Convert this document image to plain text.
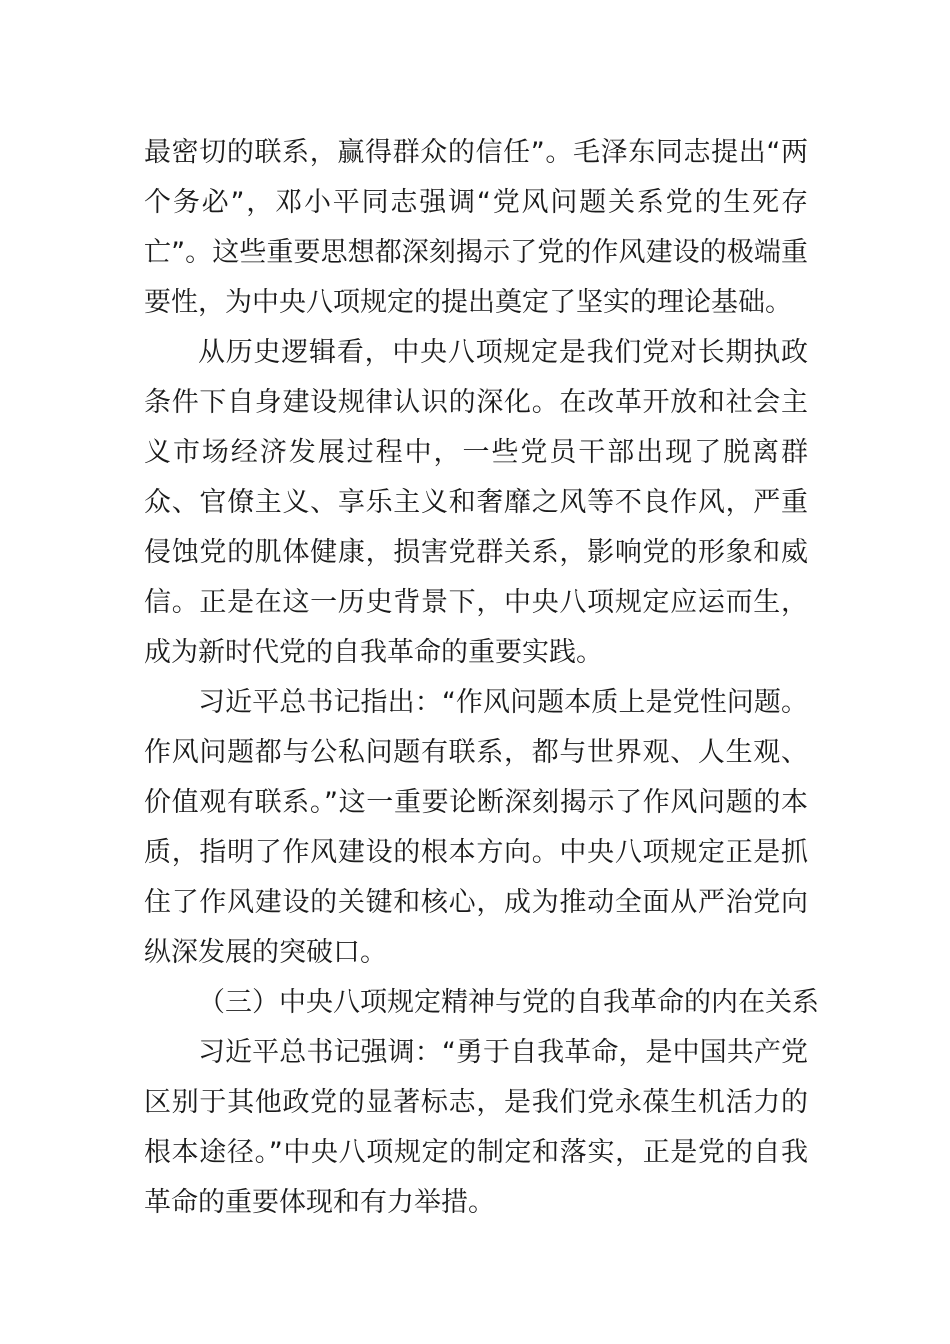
最密切的联系，赢得群众的信任”。毛泽东同志提出“两个务必”，邓小平同志强调“党风问题关系党的生死存亡”。这些重要思想都深刻揭示了党的作风建设的极端重要性，为中央八项规定的提出奠定了坚实的理论基础。

从历史逻辑看，中央八项规定是我们党对长期执政条件下自身建设规律认识的深化。在改革开放和社会主义市场经济发展过程中，一些党员干部出现了脱离群众、官僚主义、享乐主义和奢靡之风等不良作风，严重侵蚀党的肌体健康，损害党群关系，影响党的形象和威信。正是在这一历史背景下，中央八项规定应运而生，成为新时代党的自我革命的重要实践。

习近平总书记指出：“作风问题本质上是党性问题。作风问题都与公私问题有联系，都与世界观、人生观、价值观有联系。”这一重要论断深刻揭示了作风问题的本质，指明了作风建设的根本方向。中央八项规定正是抓住了作风建设的关键和核心，成为推动全面从严治党向纵深发展的突破口。

（三）中央八项规定精神与党的自我革命的内在关系

习近平总书记强调：“勇于自我革命，是中国共产党区别于其他政党的显著标志，是我们党永葆生机活力的根本途径。”中央八项规定的制定和落实，正是党的自我革命的重要体现和有力举措。
